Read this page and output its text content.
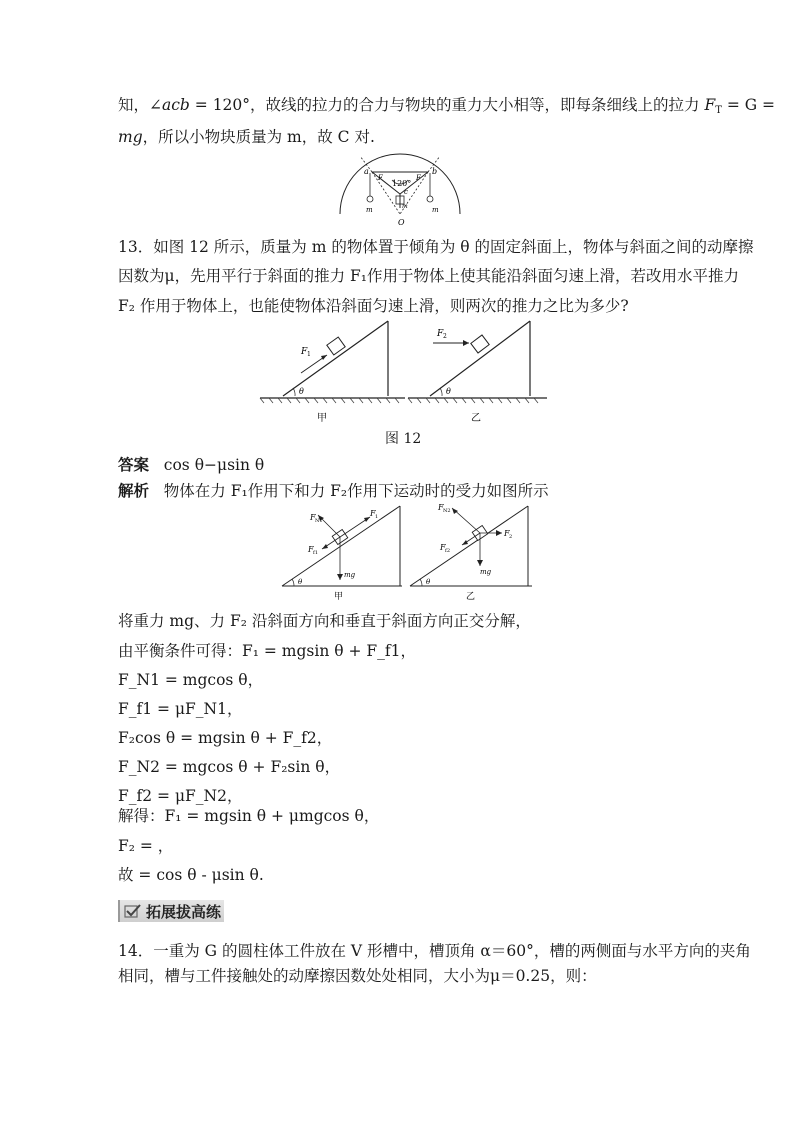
知，∠acb = 120°，故线的拉力的合力与物块的重力大小相等，即每条细线上的拉力 $F_T = G$ =
mg，所以小物块质量为 m，故 C 对.
a	b
c
O
m	m
m
120°
F	F
13．如图 12 所示，质量为 m 的物体置于倾角为 θ 的固定斜面上，物体与斜面之间的动摩擦
因数为μ，先用平行于斜面的推力 F₁作用于物体上使其能沿斜面匀速上滑，若改用水平推力
F₂ 作用于物体上，也能使物体沿斜面匀速上滑，则两次的推力之比为多少?
F 1
θ
甲
F 2
θ
乙
图 12
答案 cos θ−μsin θ
解析 物体在力 F₁作用下和力 F₂作用下运动时的受力如图所示
F N1
F 1
F f1
mg
θ
甲
F N2
F 2
F f2
mg
θ
乙
将重力 mg、力 F₂ 沿斜面方向和垂直于斜面方向正交分解，
由平衡条件可得：F₁ = mgsin θ + F_f1，
F_N1 = mgcos θ，
F_f1 = μF_N1，
F₂cos θ = mgsin θ + F_f2，
F_N2 = mgcos θ + F₂sin θ，
F_f2 = μF_N2，
解得：F₁ = mgsin θ + μmgcos θ，
F₂ = ，
故 = cos θ - μsin θ.
拓展拔高练
14．一重为 G 的圆柱体工件放在 V 形槽中，槽顶角 α＝60°，槽的两侧面与水平方向的夹角
相同，槽与工件接触处的动摩擦因数处处相同，大小为μ＝0.25，则：
